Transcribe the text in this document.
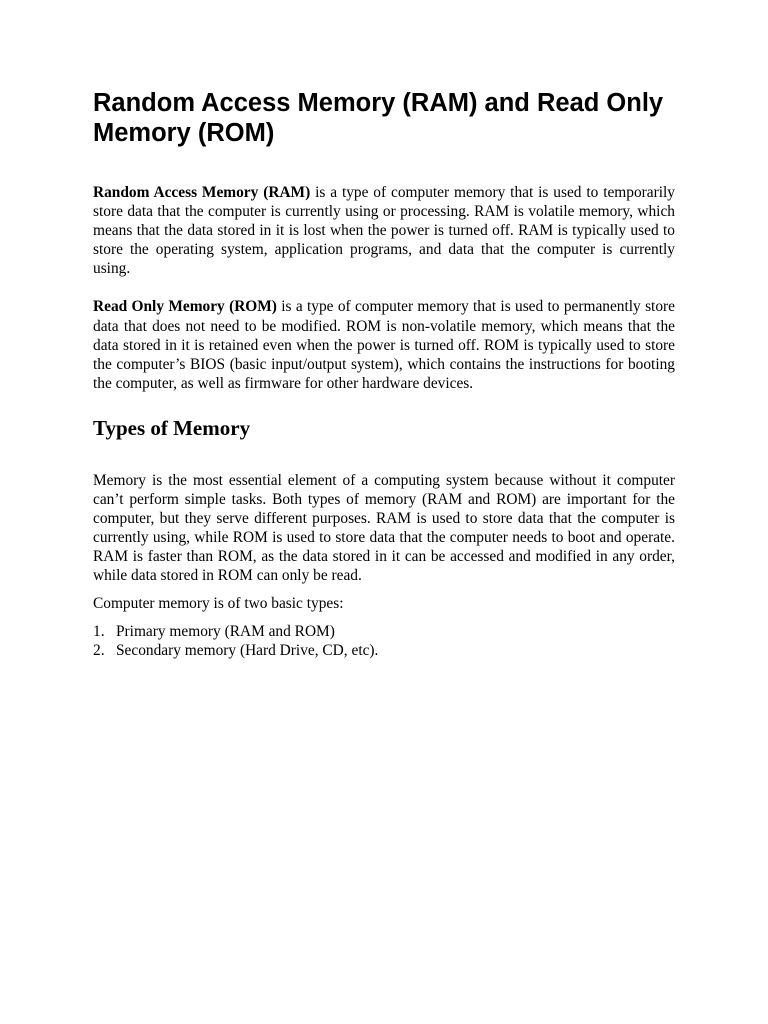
Random Access Memory (RAM) and Read Only Memory (ROM)

Random Access Memory (RAM) is a type of computer memory that is used to temporarily store data that the computer is currently using or processing. RAM is volatile memory, which means that the data stored in it is lost when the power is turned off. RAM is typically used to store the operating system, application programs, and data that the computer is currently using.

Read Only Memory (ROM) is a type of computer memory that is used to permanently store data that does not need to be modified. ROM is non-volatile memory, which means that the data stored in it is retained even when the power is turned off. ROM is typically used to store the computer’s BIOS (basic input/output system), which contains the instructions for booting the computer, as well as firmware for other hardware devices.

Types of Memory

Memory is the most essential element of a computing system because without it computer can’t perform simple tasks. Both types of memory (RAM and ROM) are important for the computer, but they serve different purposes. RAM is used to store data that the computer is currently using, while ROM is used to store data that the computer needs to boot and operate. RAM is faster than ROM, as the data stored in it can be accessed and modified in any order, while data stored in ROM can only be read.

Computer memory is of two basic types:

1. Primary memory (RAM and ROM)
2. Secondary memory (Hard Drive, CD, etc).
